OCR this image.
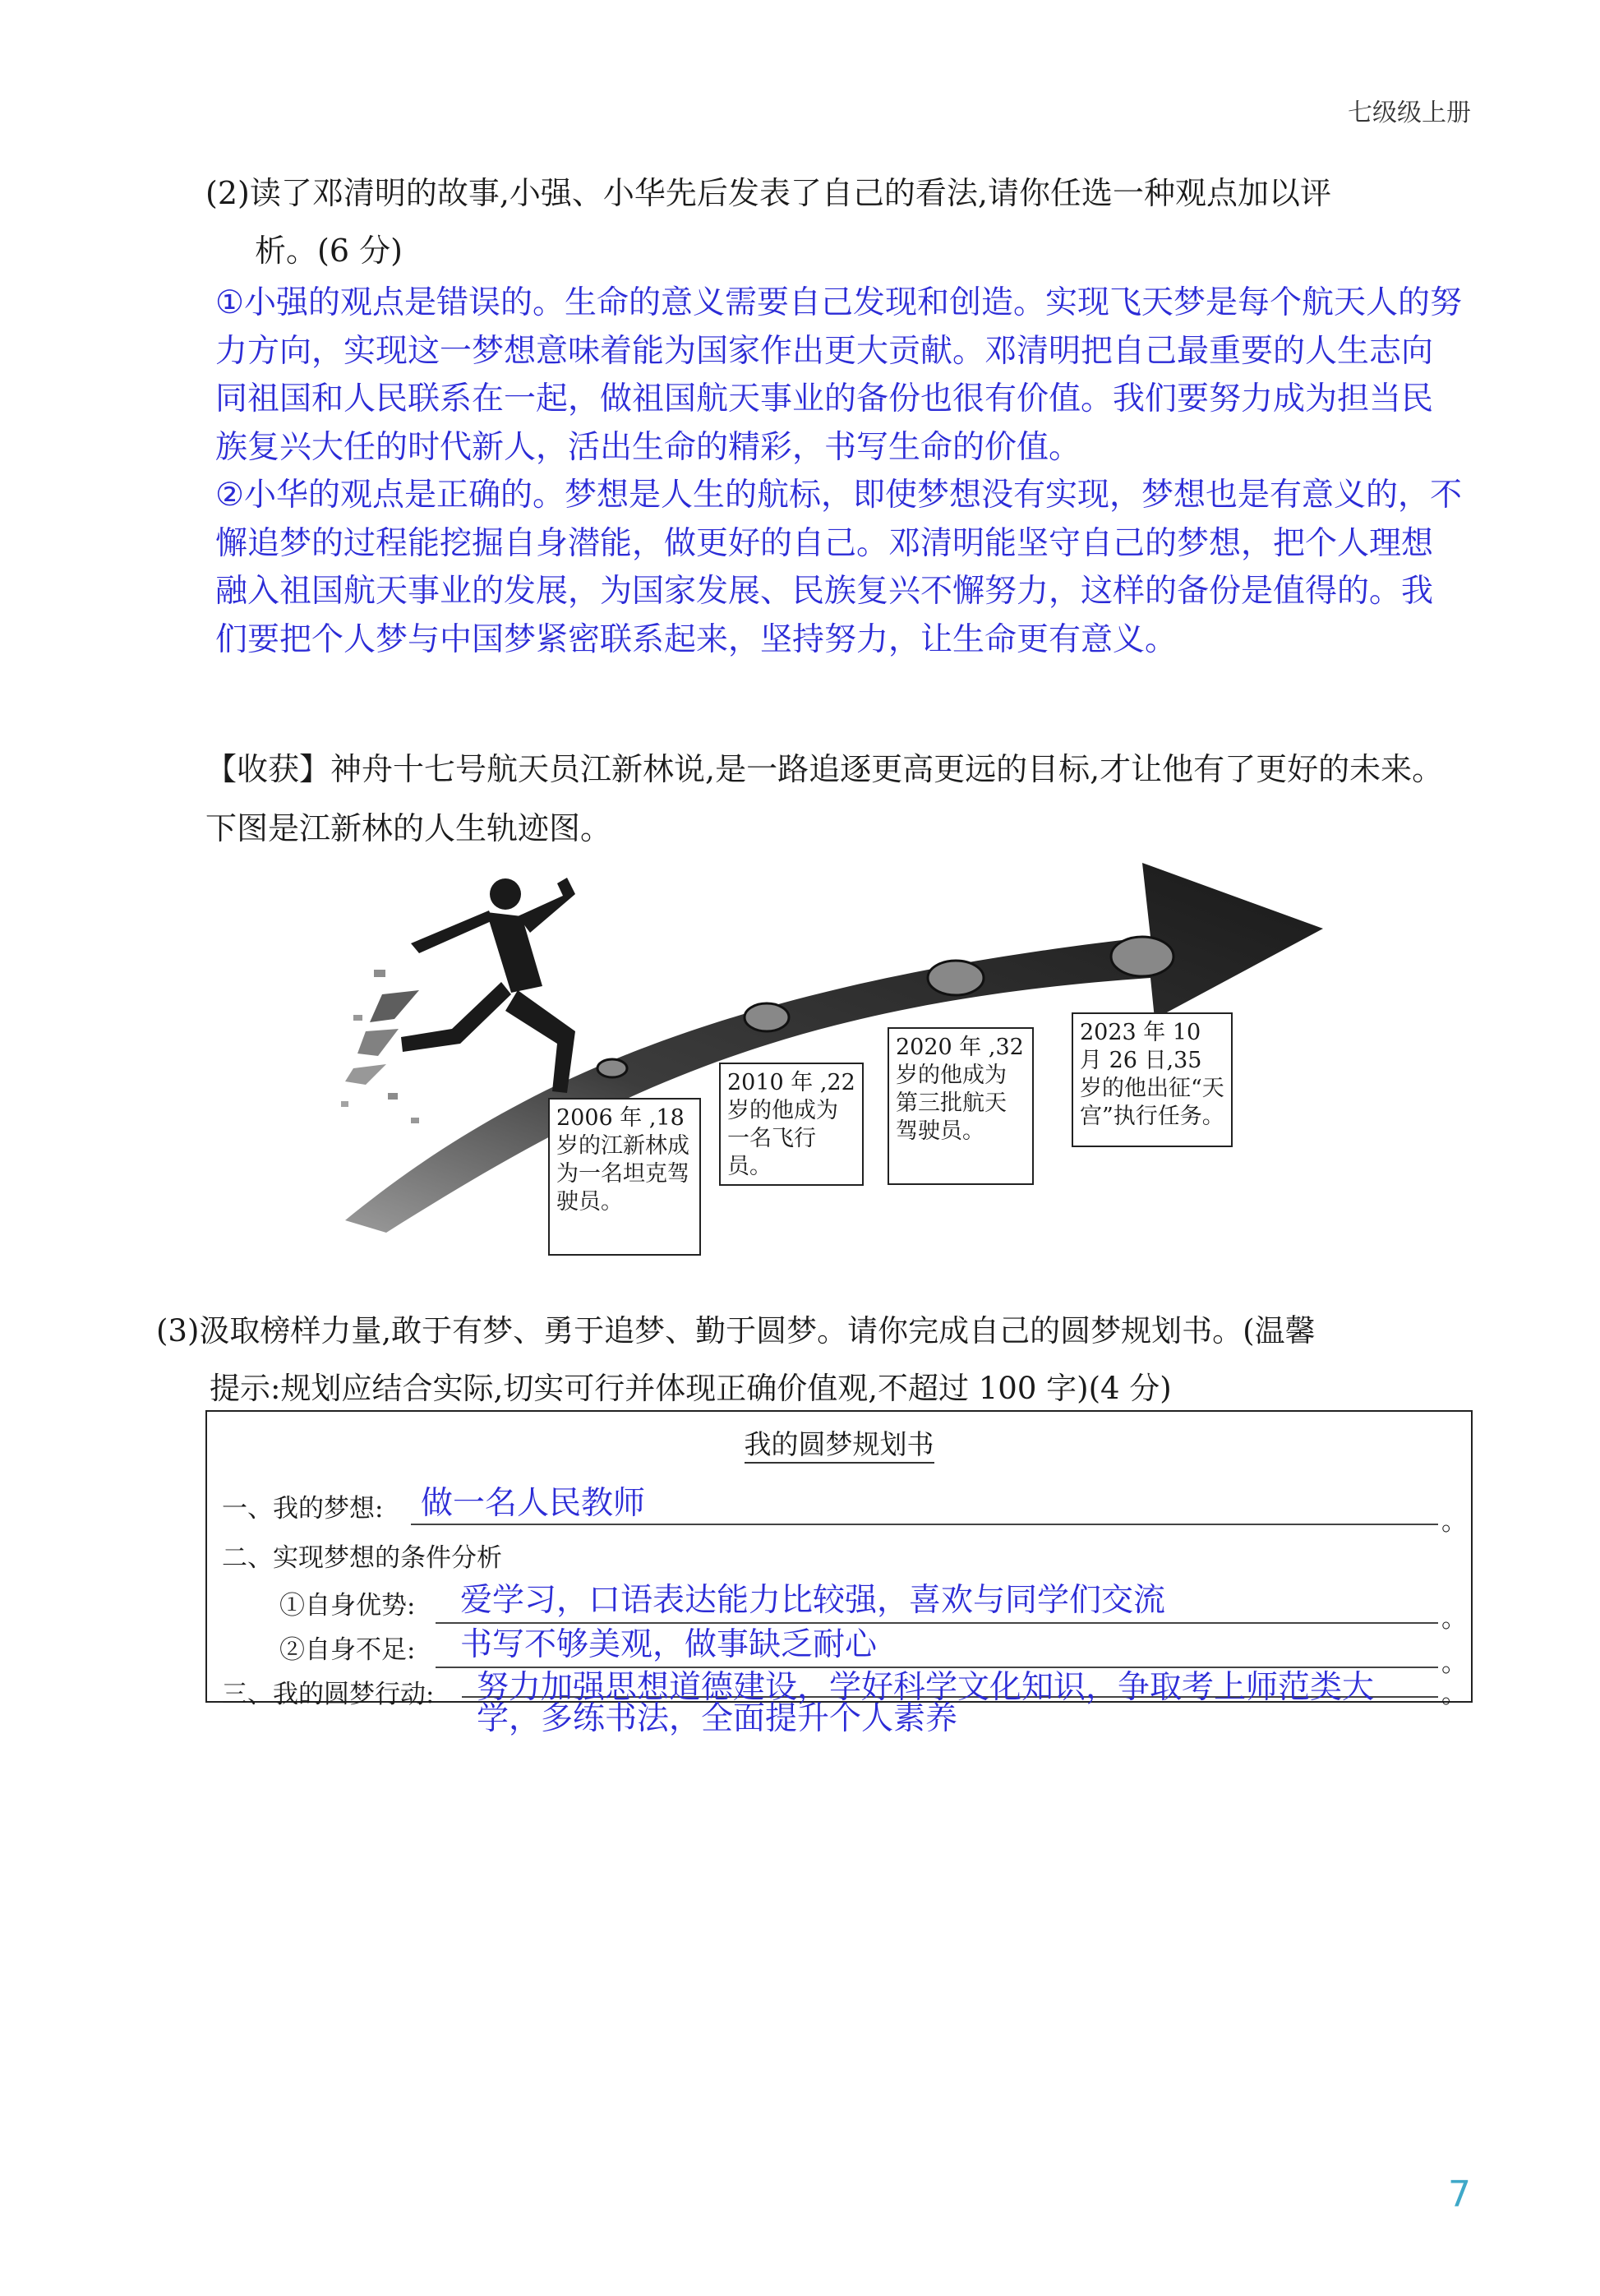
七级级上册
(2)读了邓清明的故事,小强、小华先后发表了自己的看法,请你任选一种观点加以评
析。(6 分)

①小强的观点是错误的。生命的意义需要自己发现和创造。实现飞天梦是每个航天人的努力方向，实现这一梦想意味着能为国家作出更大贡献。邓清明把自己最重要的人生志向同祖国和人民联系在一起，做祖国航天事业的备份也很有价值。我们要努力成为担当民族复兴大任的时代新人，活出生命的精彩，书写生命的价值。

②小华的观点是正确的。梦想是人生的航标，即使梦想没有实现，梦想也是有意义的，不懈追梦的过程能挖掘自身潜能，做更好的自己。邓清明能坚守自己的梦想，把个人理想融入祖国航天事业的发展，为国家发展、民族复兴不懈努力，这样的备份是值得的。我们要把个人梦与中国梦紧密联系起来，坚持努力，让生命更有意义。

【收获】神舟十七号航天员江新林说,是一路追逐更高更远的目标,才让他有了更好的未来。下图是江新林的人生轨迹图。
2006 年 ,18 岁的江新林成为一名坦克驾驶员。
2010 年 ,22 岁的他成为一名飞行员。
2020 年 ,32 岁的他成为第三批航天驾驶员。
2023 年 10 月 26 日,35 岁的他出征“天宫”执行任务。
(3)汲取榜样力量,敢于有梦、勇于追梦、勤于圆梦。请你完成自己的圆梦规划书。(温馨
提示:规划应结合实际,切实可行并体现正确价值观,不超过 100 字)(4 分)
我的圆梦规划书
一、我的梦想: 做一名人民教师	。
二、实现梦想的条件分析
①自身优势: 爱学习，口语表达能力比较强，喜欢与同学们交流	。
②自身不足: 书写不够美观，做事缺乏耐心	。
三、我的圆梦行动: 努力加强思想道德建设，学好科学文化知识，争取考上师范类大	。
学，多练书法，全面提升个人素养
7
